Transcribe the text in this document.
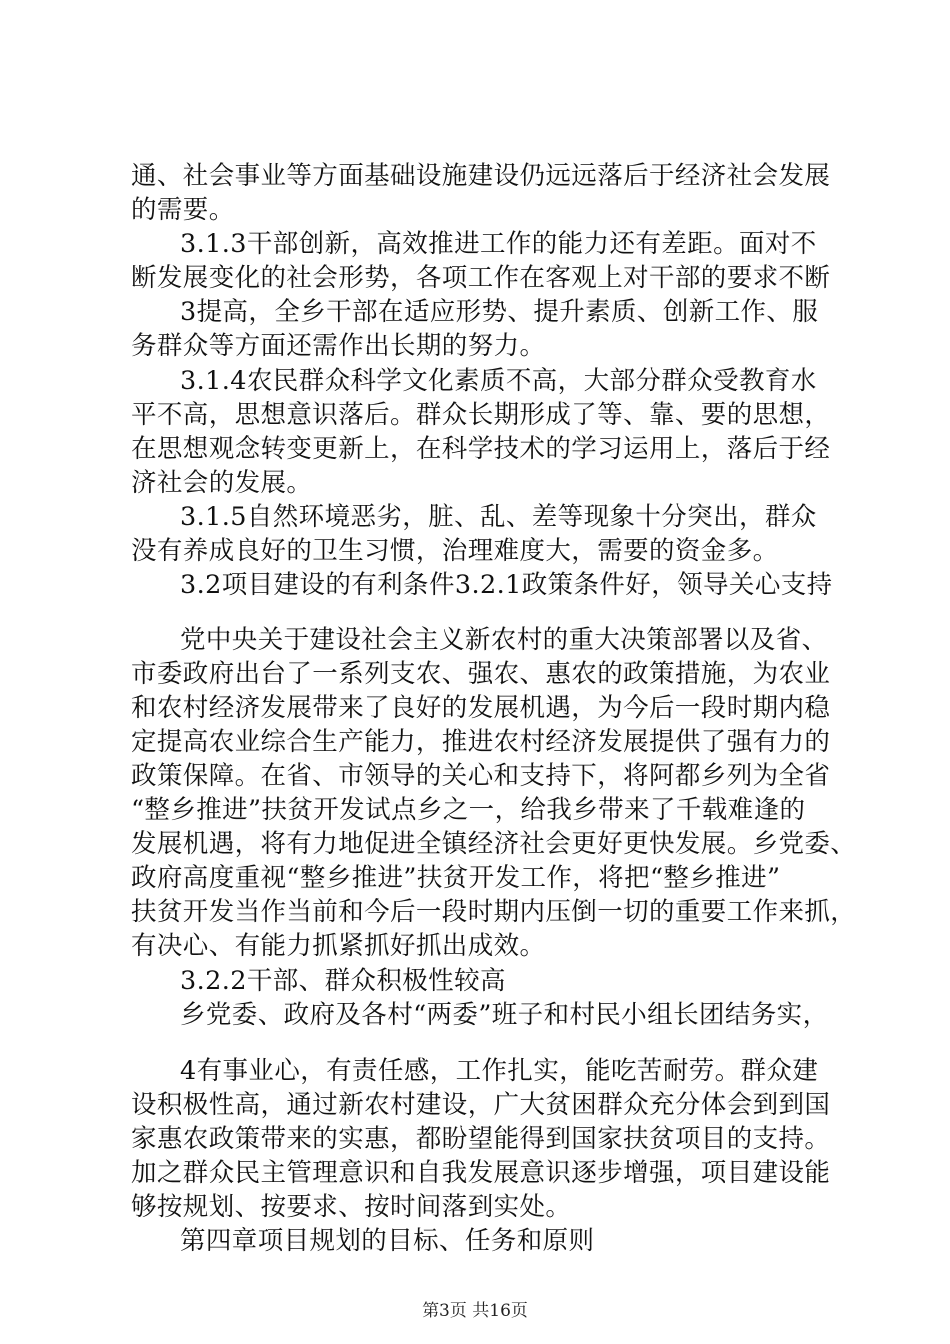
通、社会事业等方面基础设施建设仍远远落后于经济社会发展
的需要。
3.1.3干部创新，高效推进工作的能力还有差距。面对不
断发展变化的社会形势，各项工作在客观上对干部的要求不断
3提高，全乡干部在适应形势、提升素质、创新工作、服
务群众等方面还需作出长期的努力。
3.1.4农民群众科学文化素质不高，大部分群众受教育水
平不高，思想意识落后。群众长期形成了等、靠、要的思想，
在思想观念转变更新上，在科学技术的学习运用上，落后于经
济社会的发展。
3.1.5自然环境恶劣，脏、乱、差等现象十分突出，群众
没有养成良好的卫生习惯，治理难度大，需要的资金多。
3.2项目建设的有利条件3.2.1政策条件好，领导关心支持
党中央关于建设社会主义新农村的重大决策部署以及省、
市委政府出台了一系列支农、强农、惠农的政策措施，为农业
和农村经济发展带来了良好的发展机遇，为今后一段时期内稳
定提高农业综合生产能力，推进农村经济发展提供了强有力的
政策保障。在省、市领导的关心和支持下，将阿都乡列为全省
“整乡推进”扶贫开发试点乡之一，给我乡带来了千载难逢的
发展机遇，将有力地促进全镇经济社会更好更快发展。乡党委、
政府高度重视“整乡推进”扶贫开发工作，将把“整乡推进”
扶贫开发当作当前和今后一段时期内压倒一切的重要工作来抓，
有决心、有能力抓紧抓好抓出成效。
3.2.2干部、群众积极性较高
乡党委、政府及各村“两委”班子和村民小组长团结务实，
4有事业心，有责任感，工作扎实，能吃苦耐劳。群众建
设积极性高，通过新农村建设，广大贫困群众充分体会到到国
家惠农政策带来的实惠，都盼望能得到国家扶贫项目的支持。
加之群众民主管理意识和自我发展意识逐步增强，项目建设能
够按规划、按要求、按时间落到实处。
第四章项目规划的目标、任务和原则
第3页 共16页
